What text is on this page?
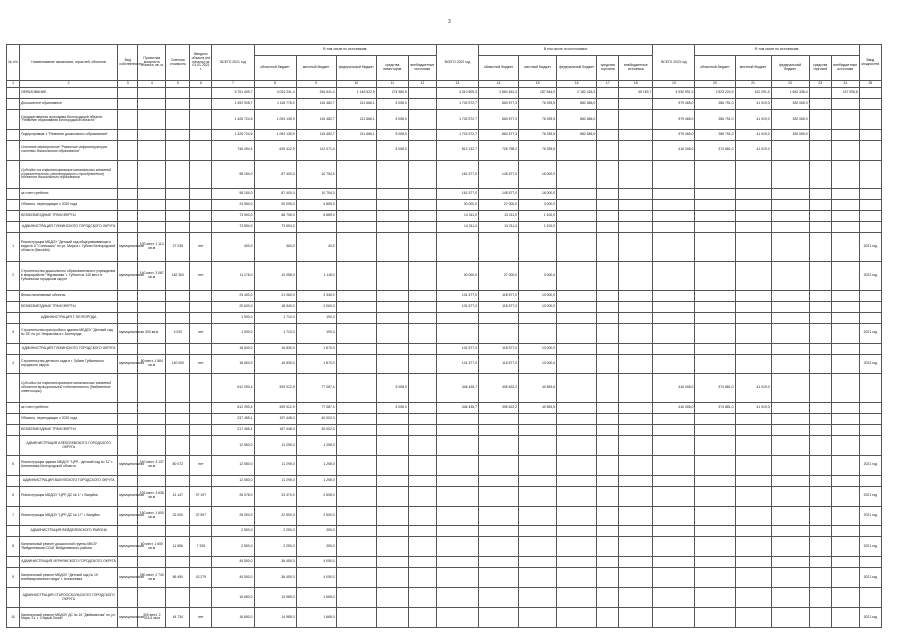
3
№ п/п	Наименование заказчиков, отраслей, объектов	Вид собственности	Проектная мощность объекта, кв. м	Сметная стоимость	Введено объекта (на начало) на 01.01.2021 г.	ВСЕГО 2021 год	В том числе по источникам:					ВСЕГО 2022 год	В том числе по источникам:					ВСЕГО 2023 год	В том числе по источникам:					Ввод мощностей
							областной бюджет	местный бюджет	федеральный бюджет	средства инвесторов	внебюджетные источники		областной бюджет	местный бюджет	федеральный бюджет	средства торговли	внебюджетные источники		областной бюджет	местный бюджет	федеральный бюджет	средства торговой	внебюджетные источники	
1	2	3	4	5	6	7	8	9	10	11	12	13	14	15	16	17	18	19	20	21	22	23	24	25
	ОБРАЗОВАНИЕ					5 751 409,7	4 024 241,4	254 641,4	1 148 522,9	274 980,5		4 310 809,3	2 860 451,3	187 544,0	2 182 426,3		45 183,7	4 930 991,3	2 523 224,9	142 291,5	1 681 338,4		137 096,8	
	Дошкольное образование					1 492 928,7	1 116 778,0	115 482,7	211 666,1	5 008,0		1 702 572,7	863 577,3	76 339,5	882 656,0			979 465,0	286 751,0	41 019,0	532 065,0			
	Государственная программа Белгородской области "Развитие образования Белгородской области"					1 426 724,6	1 094 135,9	115 482,7	211 666,1	5 008,0		1 702 572,7	863 577,3	76 339,5	882 656,0			979 465,0	286 751,0	41 019,0	532 065,0			
	Подпрограмма 1 "Развитие дошкольного образования"					1 426 724,6	1 094 135,9	115 482,7	211 666,1	5 008,0		1 702 572,7	863 577,3	76 339,5	882 656,0			979 465,0	286 751,0	41 019,0	532 065,0			
	Основное мероприятие "Развитие инфраструктуры системы дошкольного образования"					746 494,4	629 412,9	112 071,4		5 008,0		813 132,7	726 798,2	76 339,5				416 306,0	374 881,0	41 019,0				
	Субсидии на софинансирование капитальных вложений (строительство, реконструкцию и приобретение) объектов дошкольного образования					98 154,0	87 400,0	10 754,0				161 577,0	145 577,0	16 000,0										
	за счет средств:					98 154,0	87 400,0	10 754,0				161 577,0	145 577,0	16 000,0										
	Объекты, переходящие с 2020 года					24 954,0	20 095,0	4 859,0				30 000,0	27 000,0	3 000,0										
	БЕЗВОЗМЕЗДНЫЕ ТРАНСФЕРТЫ					73 594,0	66 705,0	6 889,0				14 311,0	13 211,0	1 100,0										
	АДМИНИСТРАЦИЯ ГУБКИНСКОГО ГОРОДСКОГО ОКРУГА					73 594,0	73 594,0					14 311,0	13 211,0	1 100,0										
1	Реконструкция МБДОУ "Детский сад общеразвивающего вида № 6 "Солнышко" по ул. Мира в г. Губкин Белгородской области (бассейн)	муниципальная	100 мест, 1 114 кв.м	27 035	нет	400,0	360,0	40,0																2021 год
2	Строительство дошкольного образовательного учреждения в микрорайоне "Журавлики" г. Губкин на 140 мест в Губкинском городском округе	муниципальная	140 мест, 3 087 кв.м	182 300	нет	11 176,0	10 058,0	1 118,0				30 000,0	27 000,0	3 000,0										2022 год
	Вновь начинаемые объекты					23 400,0	21 060,0	2 340,0				131 577,0	118 577,0	13 000,0										
	БЕЗВОЗМЕЗДНЫЕ ТРАНСФЕРТЫ					20 600,0	18 540,0	2 060,0				131 577,0	118 577,0	13 000,0										
	АДМИНИСТРАЦИЯ Г. БЕЛГОРОДА					1 900,0	1 710,0	190,0																
3	Строительство пристройки к зданию МБДОУ "Детский сад № 33" по ул. Некрасова в г. Белгороде	муниципальная	300 кв.м	4 020	нет	1 900,0	1 710,0	190,0																2021 год
	АДМИНИСТРАЦИЯ ГУБКИНСКОГО ГОРОДСКОГО ОКРУГА					18 600,0	16 830,0	1 870,0				131 577,0	118 577,0	13 000,0										
4	Строительство детского сада в г. Губкин Губкинского городского округа	муниципальная	80 мест, 1 864 кв.м	140 000	нет	18 600,0	16 830,0	1 870,0				131 577,0	118 577,0	13 000,0										2023 год
	Субсидии на софинансирование капитальных вложений объектов муниципальной собственности (бюджетные инвестиции)					612 290,4	529 012,9	77 087,4		5 008,0		346 435,7	305 622,2	40 553,5				416 306,0	374 881,0	41 019,0				
	за счет средств:					612 290,4	529 012,9	77 087,4		5 008,0		346 435,7	305 622,2	40 553,5				416 306,0	374 881,0	41 019,0				
	Объекты, переходящие с 2020 года					237 455,1	197 448,0	40 002,3																
	БЕЗВОЗМЕЗДНЫЕ ТРАНСФЕРТЫ					217 455,1	187 448,0	30 002,3																
	АДМИНИСТРАЦИЯ АЛЕКСЕЕВСКОГО ГОРОДСКОГО ОКРУГА					12 550,0	11 295,0	1 255,0																
5	Реконструкция здания МБДОУ "ЦРР - детский сад № 11" г. Алексеевка Белгородской области	муниципальная	240 мест, 3 137 кв.м	80 072	нет	12 550,0	11 295,0	1 255,0																2021 год
	АДМИНИСТРАЦИЯ ВАЛУЙСКОГО ГОРОДСКОГО ОКРУГА					12 550,0	11 295,0	1 255,0																
6	Реконструкция МБДОУ "ЦРР-ДС № 1" г. Валуйки	муниципальная	126 мест, 3 638 кв.м	41 147	97 197	26 078,0	23 470,0	2 608,0																2021 год
7	Реконструкция МБДОУ "ЦРР-ДС № 17" г. Валуйки	муниципальная	150 мест, 1 600 кв.м	32 000	37 597	25 000,0	22 500,0	2 500,0																2021 год
	АДМИНИСТРАЦИЯ ВЕЙДЕЛЕВСКОГО РАЙОНА					2 500,0	2 250,0	250,0																
8	Капитальный ремонт дошкольной группы МБОУ "Вейделевская СОШ" Вейделевского района	муниципальная	60 мест, 1 600 кв.м	11 556	7 205	2 500,0	2 250,0	250,0																2021 год
	АДМИНИСТРАЦИЯ ЧЕРНЯНСКОГО ГОРОДСКОГО ОКРУГА					40 500,0	36 450,0	4 050,0																
9	Капитальный ремонт МБДОУ "Детский сад № 19 комбинированного вида" г. Алексеевка	муниципальная	250 мест, 2 740 кв.м	56 450	42 279	40 500,0	36 450,0	4 050,0																2021 год
	АДМИНИСТРАЦИЯ СТАРООСКОЛЬСКОГО ГОРОДСКОГО ОКРУГА					16 650,0	14 985,0	1 665,0																
10	Капитальный ремонт МБДОУ ДС № 15 "Дюймовочка" по ул. Мира, 21, г. Старый Оскол	муниципальная	300 мест, 2 331,6 кв.м	44 734	нет	16 650,0	14 985,0	1 665,0																2021 год
